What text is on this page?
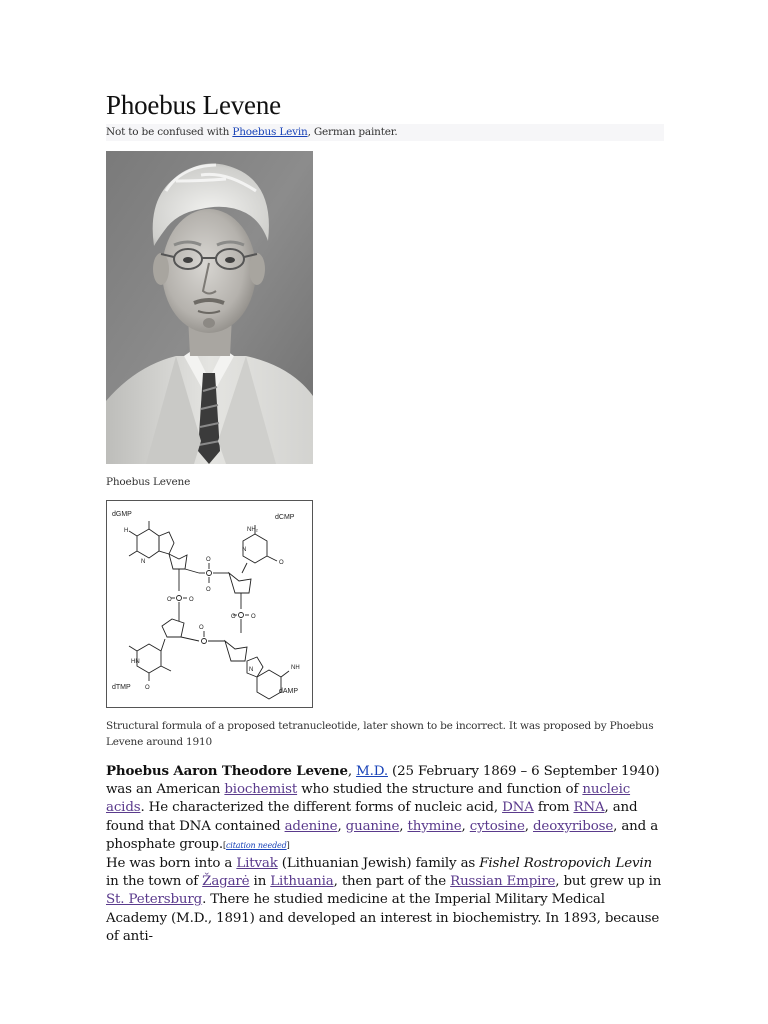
Phoebus Levene
Not to be confused with Phoebus Levin, German painter.
Phoebus Levene
dGMP	dCMP
dTMP
dAMP
NH₂
H
N	O
O
O	O
N
O
O	O
HN
O
O
NH
N
Structural formula of a proposed tetranucleotide, later shown to be incorrect. It was proposed by Phoebus Levene around 1910

Phoebus Aaron Theodore Levene, M.D. (25 February 1869 – 6 September 1940) was an American biochemist who studied the structure and function of nucleic acids. He characterized the different forms of nucleic acid, DNA from RNA, and found that DNA contained adenine, guanine, thymine, cytosine, deoxyribose, and a phosphate group.[citation needed]

He was born into a Litvak (Lithuanian Jewish) family as Fishel Rostropovich Levin in the town of Žagarė in Lithuania, then part of the Russian Empire, but grew up in St. Petersburg. There he studied medicine at the Imperial Military Medical Academy (M.D., 1891) and developed an interest in biochemistry. In 1893, because of anti-
